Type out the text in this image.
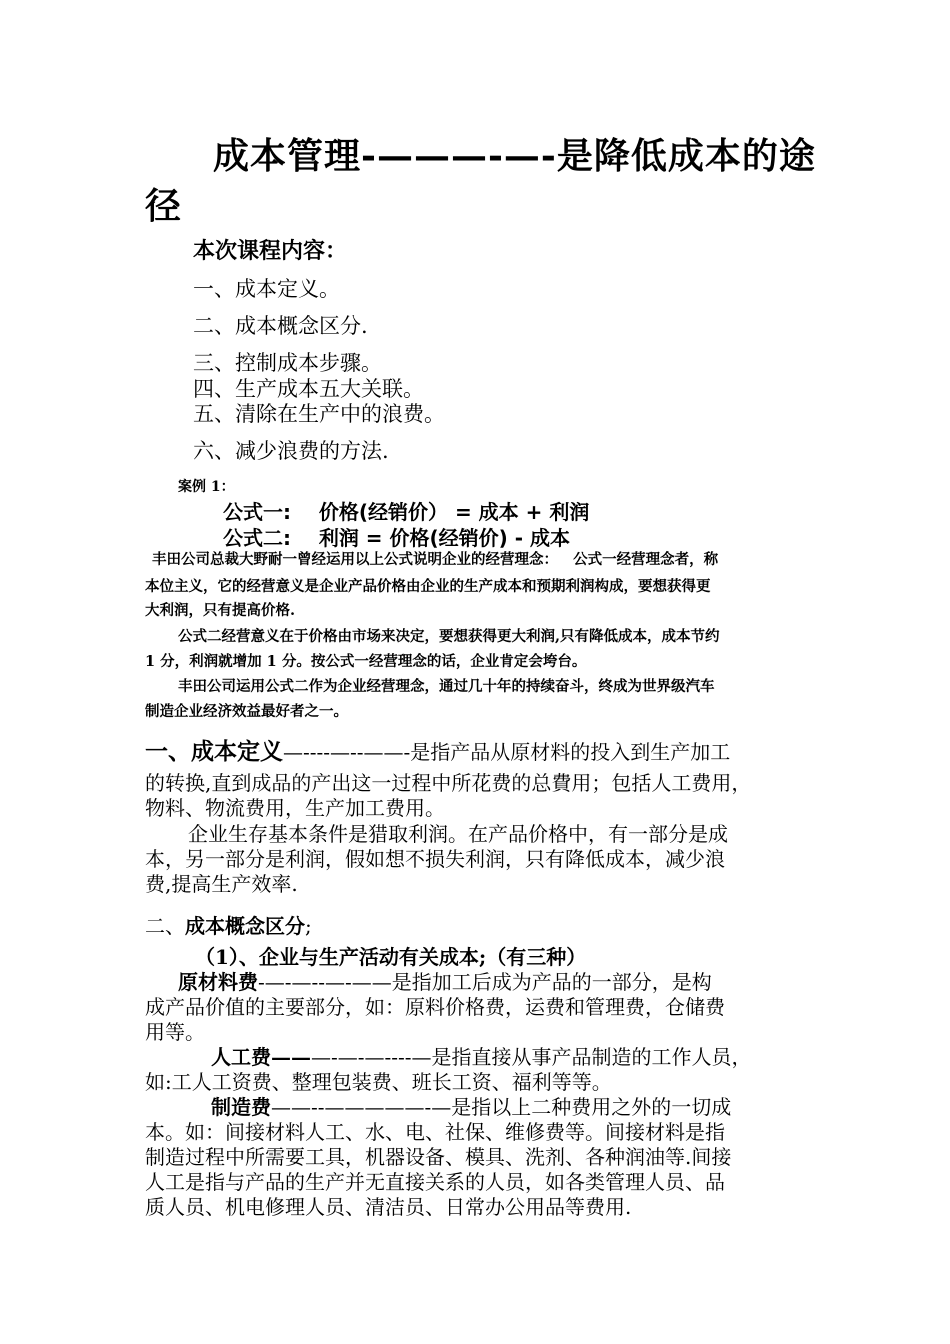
成本管理-———-—-是降低成本的途
径
本次课程内容：
一、成本定义。
二、成本概念区分.
三、控制成本步骤。
四、生产成本五大关联。
五、清除在生产中的浪费。
六、减少浪费的方法.
案例 1：
公式一:    价格(经销价） = 成本 + 利润
公式二:    利润 = 价格(经销价) - 成本
丰田公司总裁大野耐一曾经运用以上公式说明企业的经营理念：   公式一经营理念者，称
本位主义，它的经营意义是企业产品价格由企业的生产成本和预期利润构成，要想获得更
大利润，只有提高价格.
公式二经营意义在于价格由市场来决定，要想获得更大利润,只有降低成本，成本节约
1 分，利润就增加 1 分。按公式一经营理念的话，企业肯定会垮台。
丰田公司运用公式二作为企业经营理念，通过几十年的持续奋斗，终成为世界级汽车
制造企业经济效益最好者之一。
一、成本定义—----—--——-是指产品从原材料的投入到生产加工
的转换,直到成品的产出这一过程中所花费的总費用；包括人工费用，
物料、物流费用，生产加工费用。
企业生存基本条件是猎取利润。在产品价格中，有一部分是成
本，另一部分是利润，假如想不损失利润，只有降低成本，减少浪
费,提高生产效率.
二、成本概念区分;
（1）、企业与生产活动有关成本;（有三种）
原材料费-—-—--—-——是指加工后成为产品的一部分，是构
成产品价值的主要部分，如：原料价格费，运费和管理费，仓储费
用等。
人工费———-—-—----—是指直接从事产品制造的工作人员，
如:工人工资费、整理包装费、班长工资、福利等等。
制造费——--—————-—是指以上二种费用之外的一切成
本。如：间接材料人工、水、电、社保、维修费等。间接材料是指
制造过程中所需要工具，机器设备、模具、洗剂、各种润油等.间接
人工是指与产品的生产并无直接关系的人员，如各类管理人员、品
质人员、机电修理人员、清洁员、日常办公用品等费用.
